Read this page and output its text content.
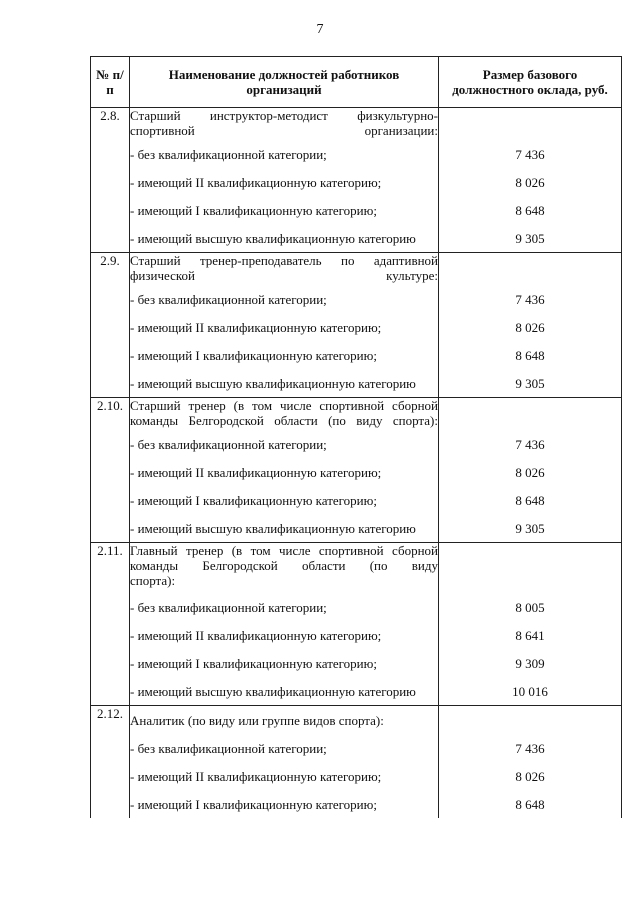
7
№ п/п	Наименование должностей работников организаций	Размер базового должностного оклада, руб.
2.8.	Старший инструктор-методист физкультурно-
спортивной организации:	

	- без квалификационной категории;	7 436
	- имеющий II квалификационную категорию;	8 026
	- имеющий I квалификационную категорию;	8 648
	- имеющий высшую квалификационную категорию	9 305
2.9.	Старший тренер-преподаватель по адаптивной
физической культуре:	

	- без квалификационной категории;	7 436
	- имеющий II квалификационную категорию;	8 026
	- имеющий I квалификационную категорию;	8 648
	- имеющий высшую квалификационную категорию	9 305
2.10.	Старший тренер (в том числе спортивной сборной
команды Белгородской области (по виду спорта):	

	- без квалификационной категории;	7 436
	- имеющий II квалификационную категорию;	8 026
	- имеющий I квалификационную категорию;	8 648
	- имеющий высшую квалификационную категорию	9 305
2.11.	Главный тренер (в том числе спортивной сборной команды Белгородской области (по виду
спорта):	

	- без квалификационной категории;	8 005
	- имеющий II квалификационную категорию;	8 641
	- имеющий I квалификационную категорию;	9 309
	- имеющий высшую квалификационную категорию	10 016
2.12.	Аналитик (по виду или группе видов спорта):	
	- без квалификационной категории;	7 436
	- имеющий II квалификационную категорию;	8 026
	- имеющий I квалификационную категорию;	8 648
